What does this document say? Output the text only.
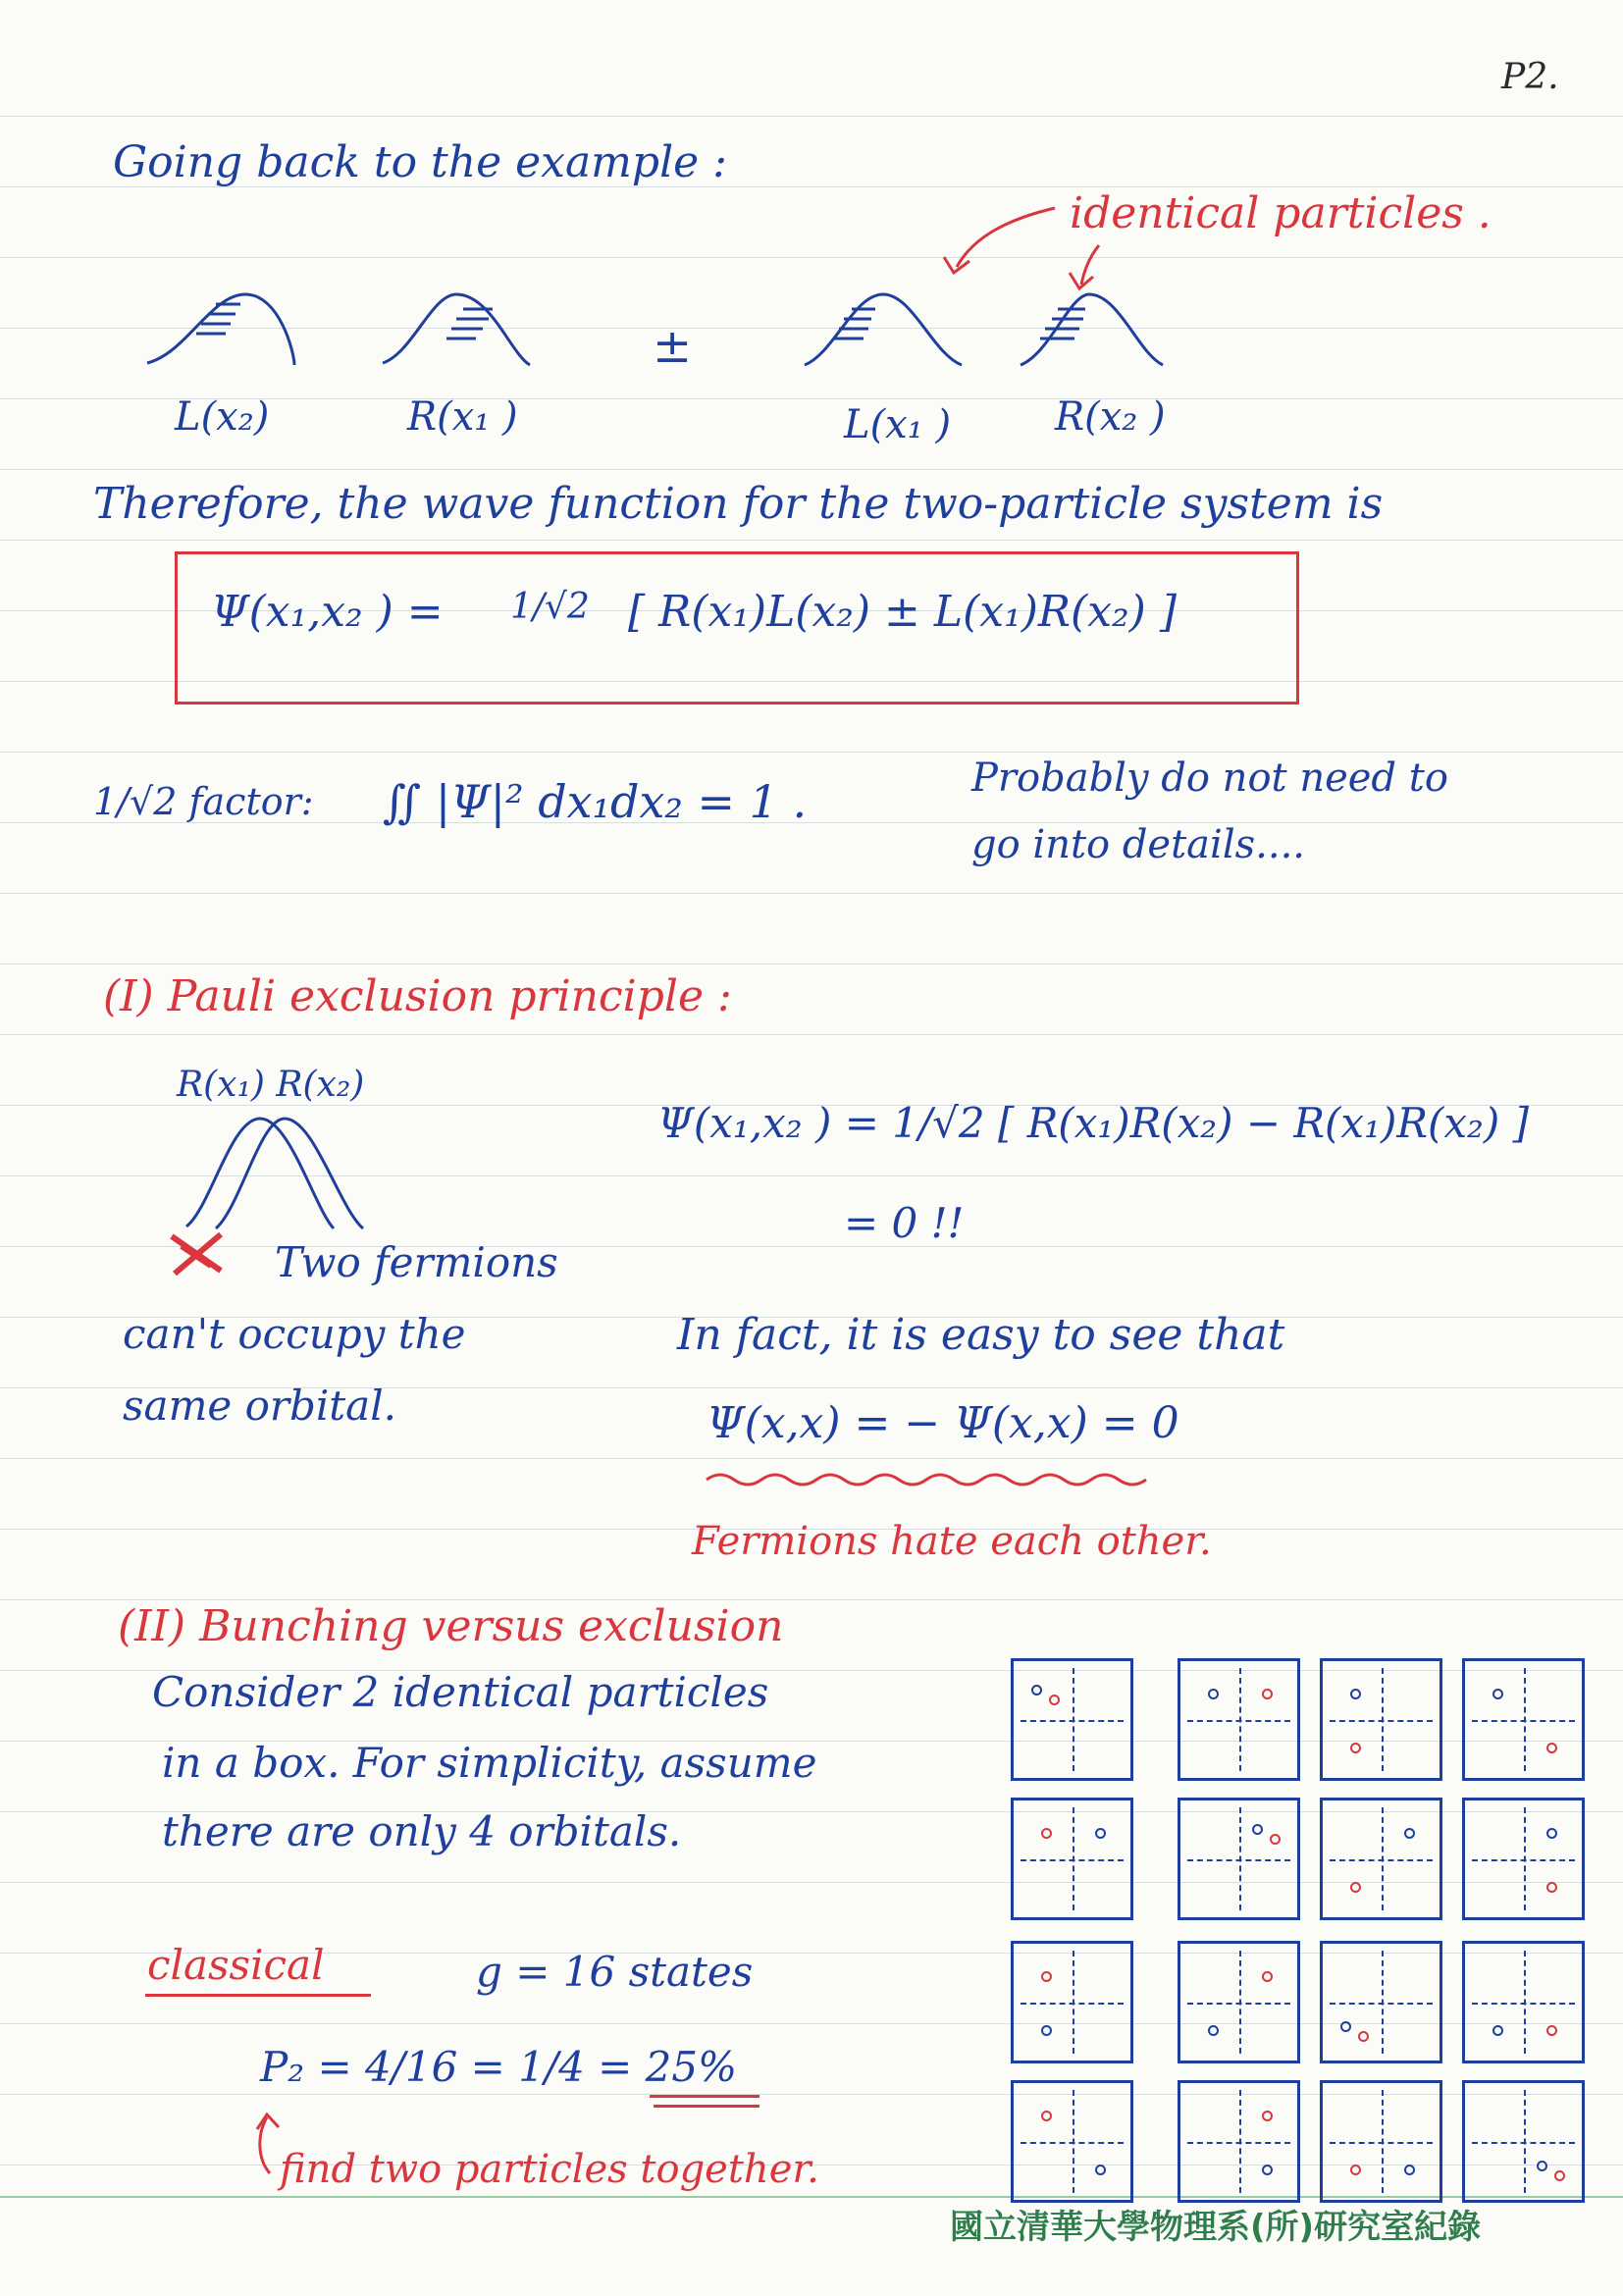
P2.
Going back to the example :
identical particles .
L(x₂)	R(x₁ )
±
L(x₁ )	R(x₂ )
Therefore, the wave function for the two-particle system is
Ψ(x₁,x₂ ) = 1/√2 [ R(x₁)L(x₂) ± L(x₁)R(x₂) ]
1/√2 factor: ∬ |Ψ|² dx₁dx₂ = 1 .	Probably do not need to
go into details....
(I) Pauli exclusion principle :
R(x₁) R(x₂)
Ψ(x₁,x₂ ) = 1/√2 [ R(x₁)R(x₂) − R(x₁)R(x₂) ]
= 0 !!
Two fermions
can't occupy the
same orbital.
In fact, it is easy to see that
Ψ(x,x) = − Ψ(x,x) = 0
Fermions hate each other.
(II) Bunching versus exclusion
Consider 2 identical particles
in a box. For simplicity, assume
there are only 4 orbitals.
classical	g = 16 states
P₂ = 4/16 = 1/4 = 25%
find two particles together.
國立清華大學物理系(所)研究室紀錄
